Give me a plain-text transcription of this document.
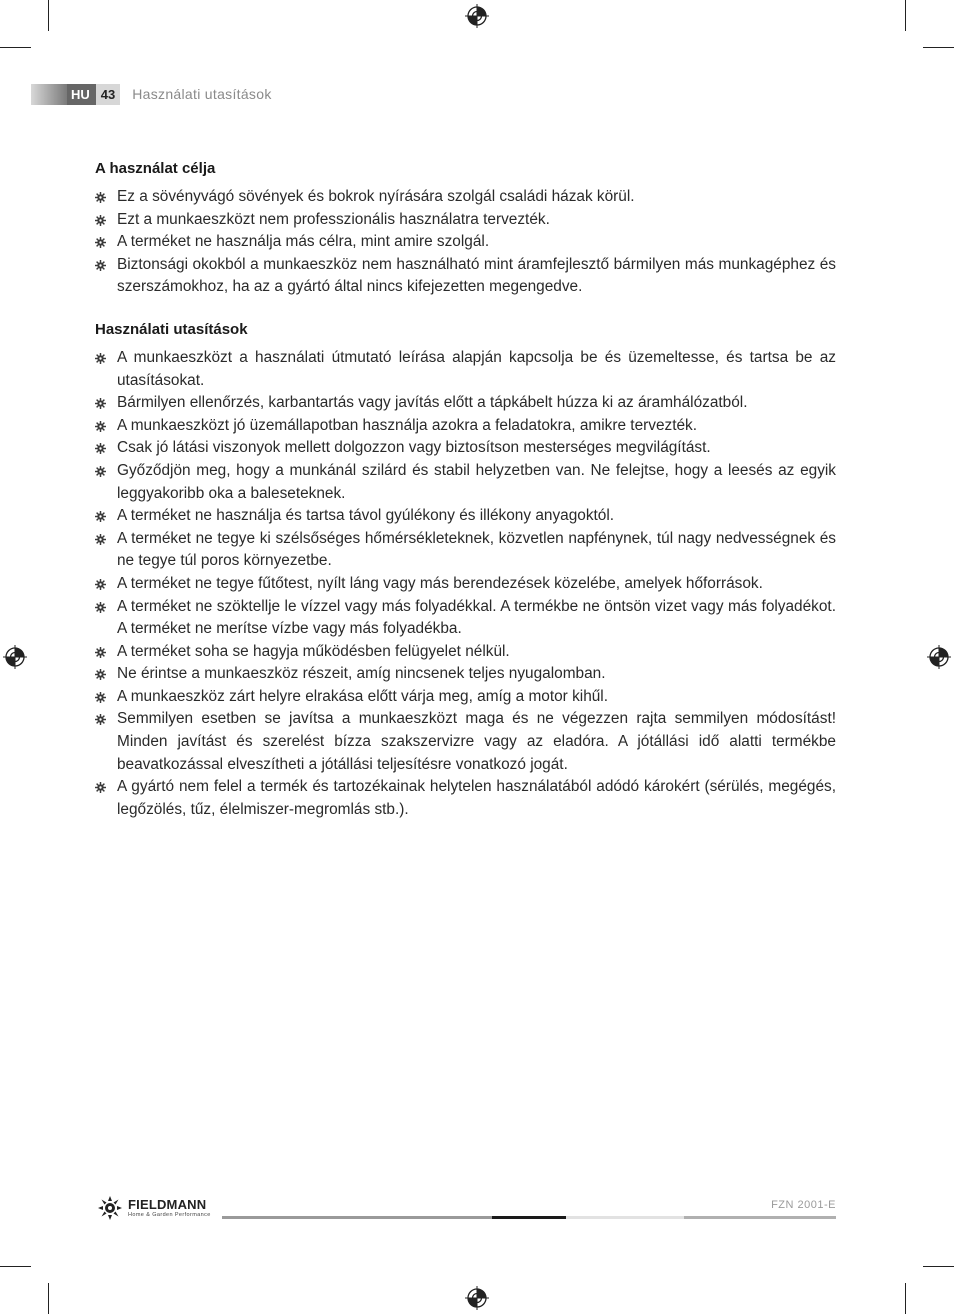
HU 43	Használati utasítások
A használat célja
Ez a sövényvágó sövények és bokrok nyírására szolgál családi házak körül.
Ezt a munkaeszközt nem professzionális használatra tervezték.
A terméket ne használja más célra, mint amire szolgál.
Biztonsági okokból a munkaeszköz nem használható mint áramfejlesztő bármilyen más munkagéphez és szerszámokhoz, ha az a gyártó által nincs kifejezetten megengedve.
Használati utasítások
A munkaeszközt a használati útmutató leírása alapján kapcsolja be és üzemeltesse, és tartsa be az utasításokat.
Bármilyen ellenőrzés, karbantartás vagy javítás előtt a tápkábelt húzza ki az áramhálózatból.
A munkaeszközt jó üzemállapotban használja azokra a feladatokra, amikre tervezték.
Csak jó látási viszonyok mellett dolgozzon vagy biztosítson mesterséges megvilágítást.
Győződjön meg, hogy a munkánál szilárd és stabil helyzetben van. Ne felejtse, hogy a leesés az egyik leggyakoribb oka a baleseteknek.
A terméket ne használja és tartsa távol gyúlékony és illékony anyagoktól.
A terméket ne tegye ki szélsőséges hőmérsékleteknek, közvetlen napfénynek, túl nagy nedvességnek és ne tegye túl poros környezetbe.
A terméket ne tegye fűtőtest, nyílt láng vagy más berendezések közelébe, amelyek hőforrások.
A terméket ne szöktellje le vízzel vagy más folyadékkal. A termékbe ne öntsön vizet vagy más folyadékot. A terméket ne merítse vízbe vagy más folyadékba.
A terméket soha se hagyja működésben felügyelet nélkül.
Ne érintse a munkaeszköz részeit, amíg nincsenek teljes nyugalomban.
A munkaeszköz zárt helyre elrakása előtt várja meg, amíg a motor kihűl.
Semmilyen esetben se javítsa a munkaeszközt maga és ne végezzen rajta semmilyen módosítást! Minden javítást és szerelést bízza szakszervizre vagy az eladóra. A jótállási idő alatti termékbe beavatkozással elveszítheti a jótállási teljesítésre vonatkozó jogát.
A gyártó nem felel a termék és tartozékainak helytelen használatából adódó károkért (sérülés, megégés, legőzölés, tűz, élelmiszer-megromlás stb.).
FIELDMANN
Home & Garden Performance
FZN 2001-E
